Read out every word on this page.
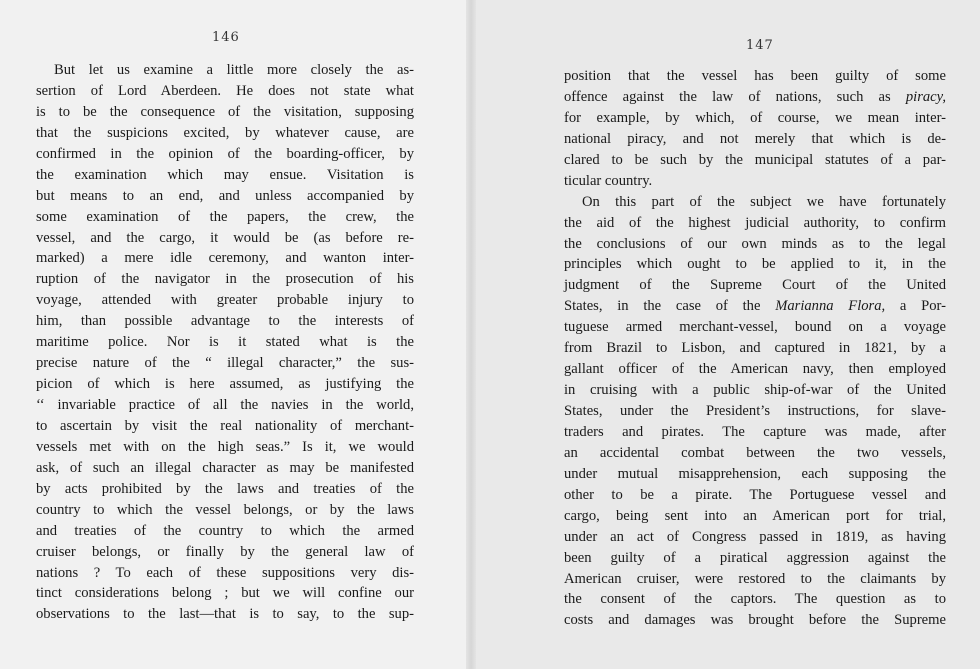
146
But let us examine a little more closely the as-
sertion of Lord Aberdeen. He does not state what
is to be the consequence of the visitation, supposing
that the suspicions excited, by whatever cause, are
confirmed in the opinion of the boarding-officer, by
the examination which may ensue. Visitation is
but means to an end, and unless accompanied by
some examination of the papers, the crew, the
vessel, and the cargo, it would be (as before re-
marked) a mere idle ceremony, and wanton inter-
ruption of the navigator in the prosecution of his
voyage, attended with greater probable injury to
him, than possible advantage to the interests of
maritime police. Nor is it stated what is the
precise nature of the “ illegal character,” the sus-
picion of which is here assumed, as justifying the
‘‘ invariable practice of all the navies in the world,
to ascertain by visit the real nationality of merchant-
vessels met with on the high seas.” Is it, we would
ask, of such an illegal character as may be manifested
by acts prohibited by the laws and treaties of the
country to which the vessel belongs, or by the laws
and treaties of the country to which the armed
cruiser belongs, or finally by the general law of
nations ? To each of these suppositions very dis-
tinct considerations belong ; but we will confine our
observations to the last—that is to say, to the sup-
147
position that the vessel has been guilty of some
offence against the law of nations, such as piracy,
for example, by which, of course, we mean inter-
national piracy, and not merely that which is de-
clared to be such by the municipal statutes of a par-
ticular country.
On this part of the subject we have fortunately
the aid of the highest judicial authority, to confirm
the conclusions of our own minds as to the legal
principles which ought to be applied to it, in the
judgment of the Supreme Court of the United
States, in the case of the Marianna Flora, a Por-
tuguese armed merchant-vessel, bound on a voyage
from Brazil to Lisbon, and captured in 1821, by a
gallant officer of the American navy, then employed
in cruising with a public ship-of-war of the United
States, under the President’s instructions, for slave-
traders and pirates. The capture was made, after
an accidental combat between the two vessels,
under mutual misapprehension, each supposing the
other to be a pirate. The Portuguese vessel and
cargo, being sent into an American port for trial,
under an act of Congress passed in 1819, as having
been guilty of a piratical aggression against the
American cruiser, were restored to the claimants by
the consent of the captors. The question as to
costs and damages was brought before the Supreme
